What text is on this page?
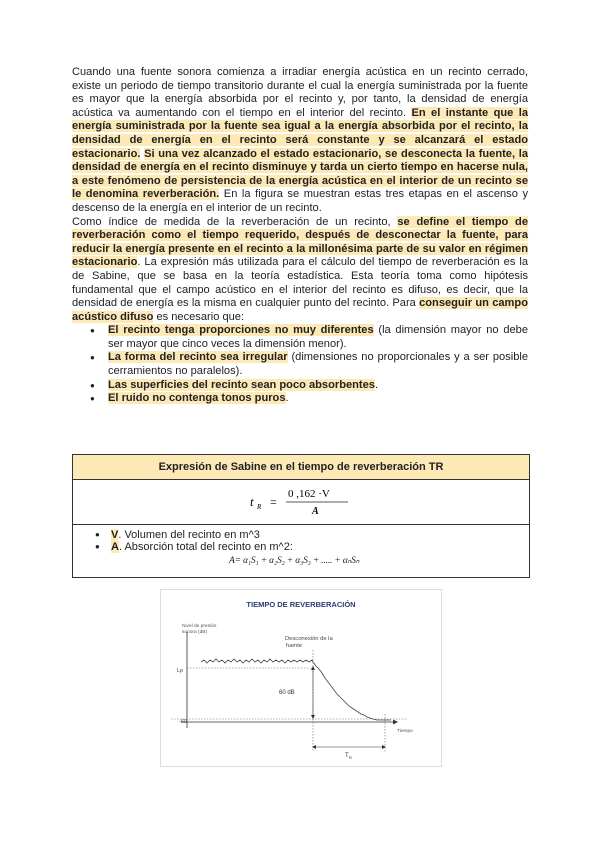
Cuando una fuente sonora comienza a irradiar energía acústica en un recinto cerrado, existe un periodo de tiempo transitorio durante el cual la energía suministrada por la fuente es mayor que la energía absorbida por el recinto y, por tanto, la densidad de energía acústica va aumentando con el tiempo en el interior del recinto. En el instante que la energía suministrada por la fuente sea igual a la energía absorbida por el recinto, la densidad de energía en el recinto será constante y se alcanzará el estado estacionario. Si una vez alcanzado el estado estacionario, se desconecta la fuente, la densidad de energía en el recinto disminuye y tarda un cierto tiempo en hacerse nula, a este fenómeno de persistencia de la energía acústica en el interior de un recinto se le denomina reverberación. En la figura se muestran estas tres etapas en el ascenso y descenso de la energía en el interior de un recinto.

Como índice de medida de la reverberación de un recinto, se define el tiempo de reverberación como el tiempo requerido, después de desconectar la fuente, para reducir la energía presente en el recinto a la millonésima parte de su valor en régimen estacionario. La expresión más utilizada para el cálculo del tiempo de reverberación es la de Sabine, que se basa en la teoría estadística. Esta teoría toma como hipótesis fundamental que el campo acústico en el interior del recinto es difuso, es decir, que la densidad de energía es la misma en cualquier punto del recinto. Para conseguir un campo acústico difuso es necesario que:

● El recinto tenga proporciones no muy diferentes (la dimensión mayor no debe ser mayor que cinco veces la dimensión menor).
● La forma del recinto sea irregular (dimensiones no proporcionales y a ser posible cerramientos no paralelos).
● Las superficies del recinto sean poco absorbentes.
● El ruido no contenga tonos puros.
Expresión de Sabine en el tiempo de reverberación TR
t R =
0 ,162 ·V
A
● V. Volumen del recinto en m^3
● A. Absorción total del recinto en m^2:
A= α₁S₁ + α₂S₂ + α₃S₃ + ..... + αₙSₙ
TIEMPO DE REVERBERACIÓN
Nivel de presión
sonora (dB)
Lp
-60
Desconexión de la
fuente
60 dB
T R
Tiempo
